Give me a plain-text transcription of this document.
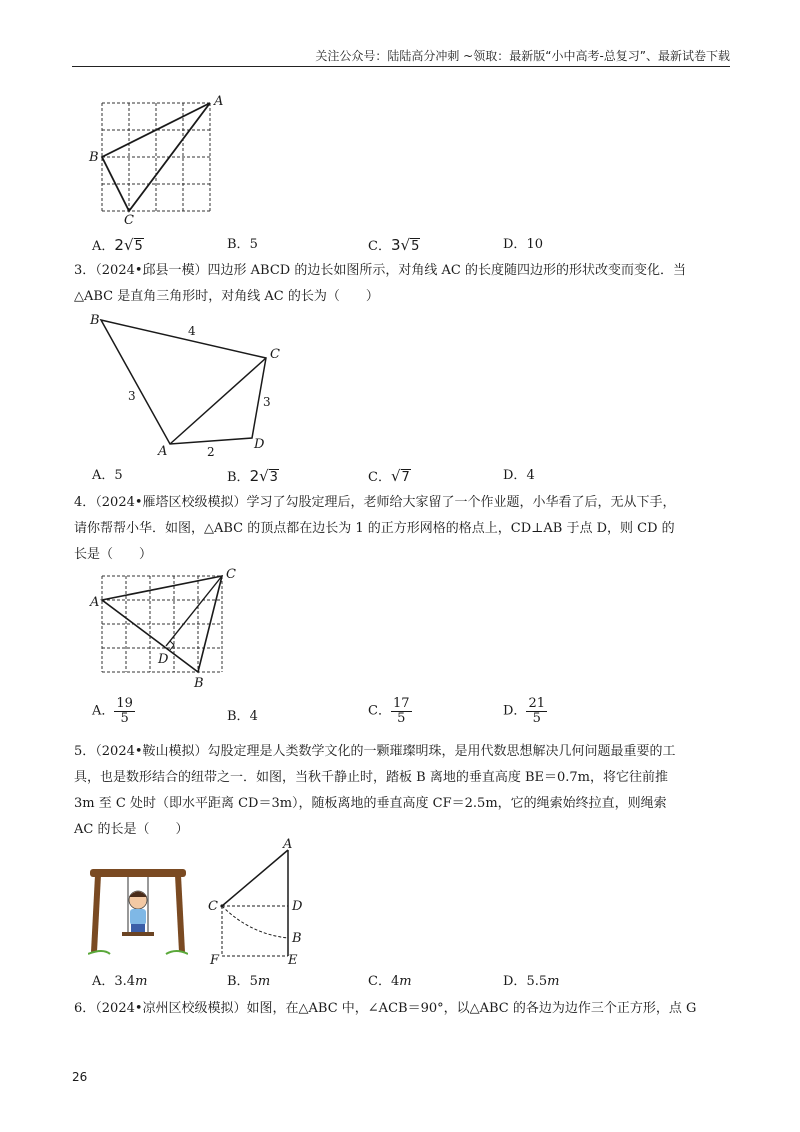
关注公众号：陆陆高分冲刺 ~领取：最新版“小中高考-总复习”、最新试卷下载
A
B
C
A．2√5	B．5	C．3√5	D．10
3．（2024•邱县一模）四边形 ABCD 的边长如图所示，对角线 AC 的长度随四边形的形状改变而变化．当
△ABC 是直角三角形时，对角线 AC 的长为（　　）
B
C
A	D
4
3	3
2
A．5	B．2√3	C．√7	D．4
4．（2024•雁塔区校级模拟）学习了勾股定理后，老师给大家留了一个作业题，小华看了后，无从下手，
请你帮帮小华．如图，△ABC 的顶点都在边长为 1 的正方形网格的格点上，CD⊥AB 于点 D，则 CD 的
长是（　　）
A
C
B
D
A． $\frac{19}{5}$	B．4	C． $\frac{17}{5}$	D． $\frac{21}{5}$
5．（2024•鞍山模拟）勾股定理是人类数学文化的一颗璀璨明珠，是用代数思想解决几何问题最重要的工
具，也是数形结合的纽带之一．如图，当秋千静止时，踏板 B 离地的垂直高度 BE＝0.7m，将它往前推
3m 至 C 处时（即水平距离 CD＝3m），随板离地的垂直高度 CF＝2.5m，它的绳索始终拉直，则绳索
AC 的长是（　　）
A
C	D
B
F	E
A．3.4m	B．5m	C．4m	D．5.5m
6．（2024•凉州区校级模拟）如图，在△ABC 中，∠ACB＝90°，以△ABC 的各边为边作三个正方形，点 G
26
